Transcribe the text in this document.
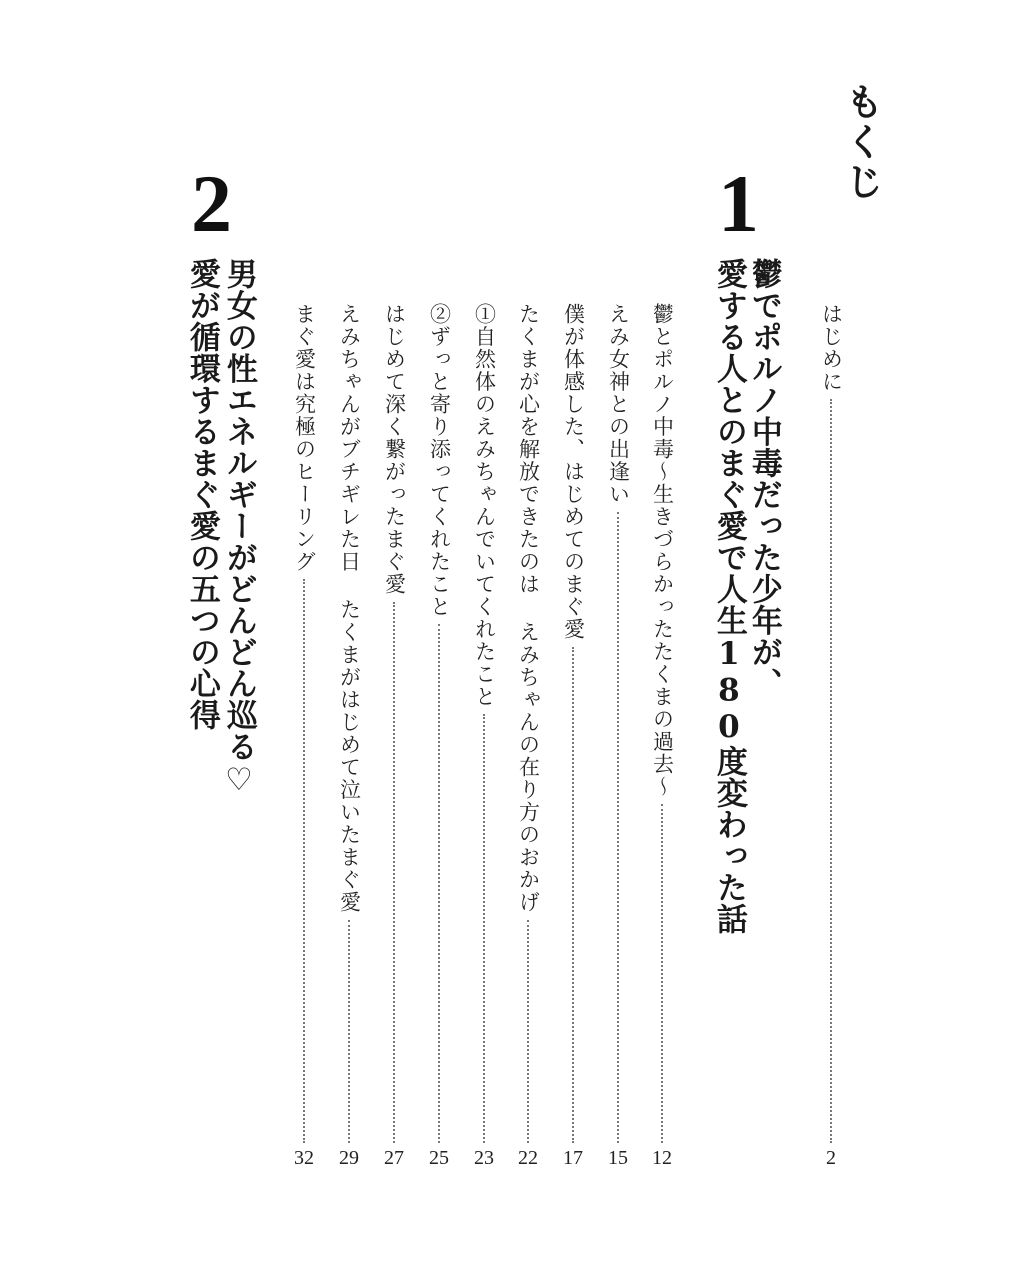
もくじ
はじめに
2
1
鬱でポルノ中毒だった少年が、
愛する人とのまぐ愛で人生180度変わった話
鬱とポルノ中毒〜生きづらかったたくまの過去〜
12
えみ女神との出逢い
15
僕が体感した、はじめてのまぐ愛
17
たくまが心を解放できたのは えみちゃんの在り方のおかげ
22
①自然体のえみちゃんでいてくれたこと
23
②ずっと寄り添ってくれたこと
25
はじめて深く繋がったまぐ愛
27
えみちゃんがブチギレた日 たくまがはじめて泣いたまぐ愛
29
まぐ愛は究極のヒーリング
32
2
男女の性エネルギーがどんどん巡る♡
愛が循環するまぐ愛の五つの心得
